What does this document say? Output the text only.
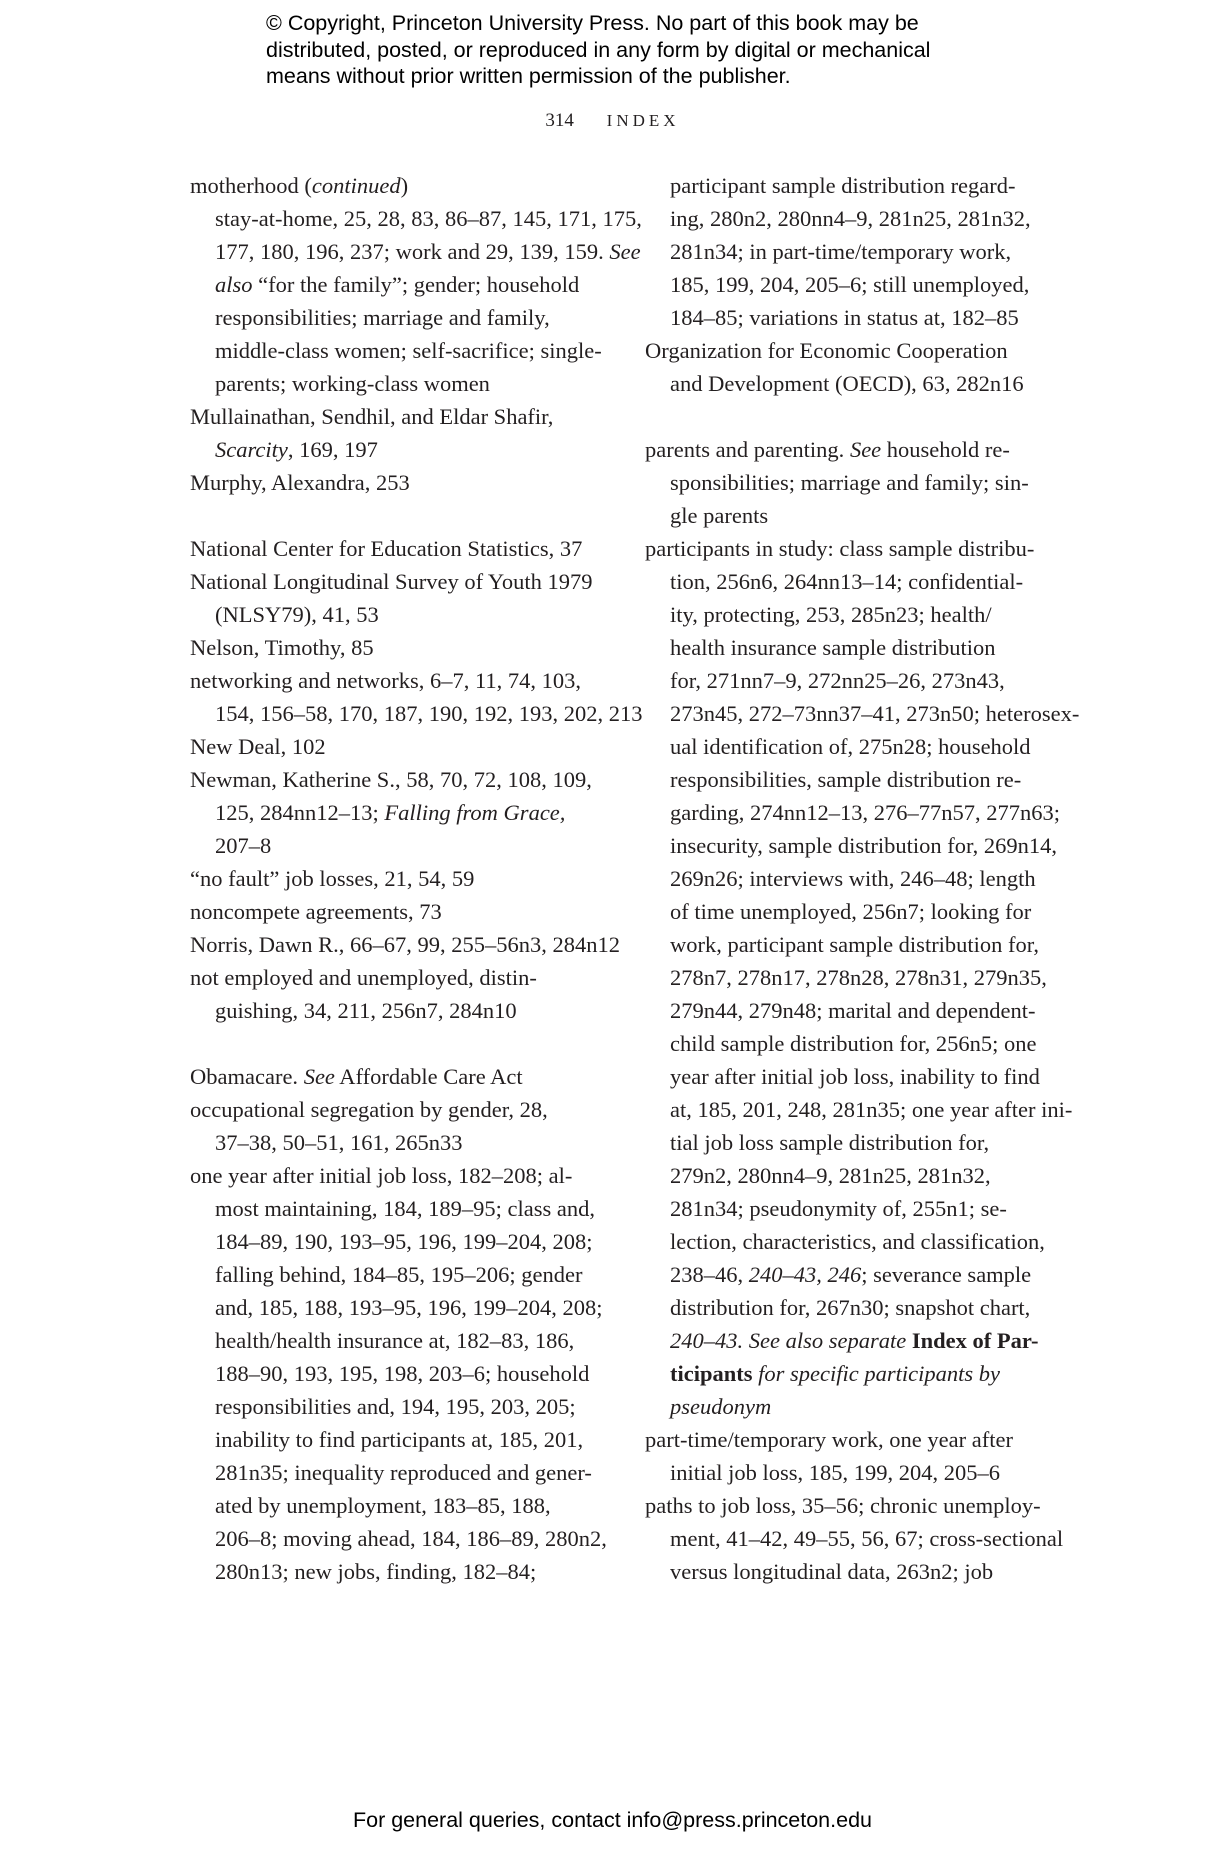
© Copyright, Princeton University Press. No part of this book may be
distributed, posted, or reproduced in any form by digital or mechanical
means without prior written permission of the publisher.
314 INDEX
motherhood (continued)
stay-at-home, 25, 28, 83, 86–87, 145, 171, 175,
177, 180, 196, 237; work and 29, 139, 159. See
also “for the family”; gender; household
responsibilities; marriage and family,
middle-class women; self-sacrifice; single-
parents; working-class women
Mullainathan, Sendhil, and Eldar Shafir,
Scarcity, 169, 197
Murphy, Alexandra, 253
National Center for Education Statistics, 37
National Longitudinal Survey of Youth 1979
(NLSY79), 41, 53
Nelson, Timothy, 85
networking and networks, 6–7, 11, 74, 103,
154, 156–58, 170, 187, 190, 192, 193, 202, 213
New Deal, 102
Newman, Katherine S., 58, 70, 72, 108, 109,
125, 284nn12–13; Falling from Grace,
207–8
“no fault” job losses, 21, 54, 59
noncompete agreements, 73
Norris, Dawn R., 66–67, 99, 255–56n3, 284n12
not employed and unemployed, distin-
guishing, 34, 211, 256n7, 284n10
Obamacare. See Affordable Care Act
occupational segregation by gender, 28,
37–38, 50–51, 161, 265n33
one year after initial job loss, 182–208; al-
most maintaining, 184, 189–95; class and,
184–89, 190, 193–95, 196, 199–204, 208;
falling behind, 184–85, 195–206; gender
and, 185, 188, 193–95, 196, 199–204, 208;
health/health insurance at, 182–83, 186,
188–90, 193, 195, 198, 203–6; household
responsibilities and, 194, 195, 203, 205;
inability to find participants at, 185, 201,
281n35; inequality reproduced and gener-
ated by unemployment, 183–85, 188,
206–8; moving ahead, 184, 186–89, 280n2,
280n13; new jobs, finding, 182–84;
participant sample distribution regard-
ing, 280n2, 280nn4–9, 281n25, 281n32,
281n34; in part-time/temporary work,
185, 199, 204, 205–6; still unemployed,
184–85; variations in status at, 182–85
Organization for Economic Cooperation
and Development (OECD), 63, 282n16
parents and parenting. See household re-
sponsibilities; marriage and family; sin-
gle parents
participants in study: class sample distribu-
tion, 256n6, 264nn13–14; confidential-
ity, protecting, 253, 285n23; health/
health insurance sample distribution
for, 271nn7–9, 272nn25–26, 273n43,
273n45, 272–73nn37–41, 273n50; heterosex-
ual identification of, 275n28; household
responsibilities, sample distribution re-
garding, 274nn12–13, 276–77n57, 277n63;
insecurity, sample distribution for, 269n14,
269n26; interviews with, 246–48; length
of time unemployed, 256n7; looking for
work, participant sample distribution for,
278n7, 278n17, 278n28, 278n31, 279n35,
279n44, 279n48; marital and dependent-
child sample distribution for, 256n5; one
year after initial job loss, inability to find
at, 185, 201, 248, 281n35; one year after ini-
tial job loss sample distribution for,
279n2, 280nn4–9, 281n25, 281n32,
281n34; pseudonymity of, 255n1; se-
lection, characteristics, and classification,
238–46, 240–43, 246; severance sample
distribution for, 267n30; snapshot chart,
240–43. See also separate Index of Par-
ticipants for specific participants by
pseudonym
part-time/temporary work, one year after
initial job loss, 185, 199, 204, 205–6
paths to job loss, 35–56; chronic unemploy-
ment, 41–42, 49–55, 56, 67; cross-sectional
versus longitudinal data, 263n2; job
For general queries, contact info@press.princeton.edu
